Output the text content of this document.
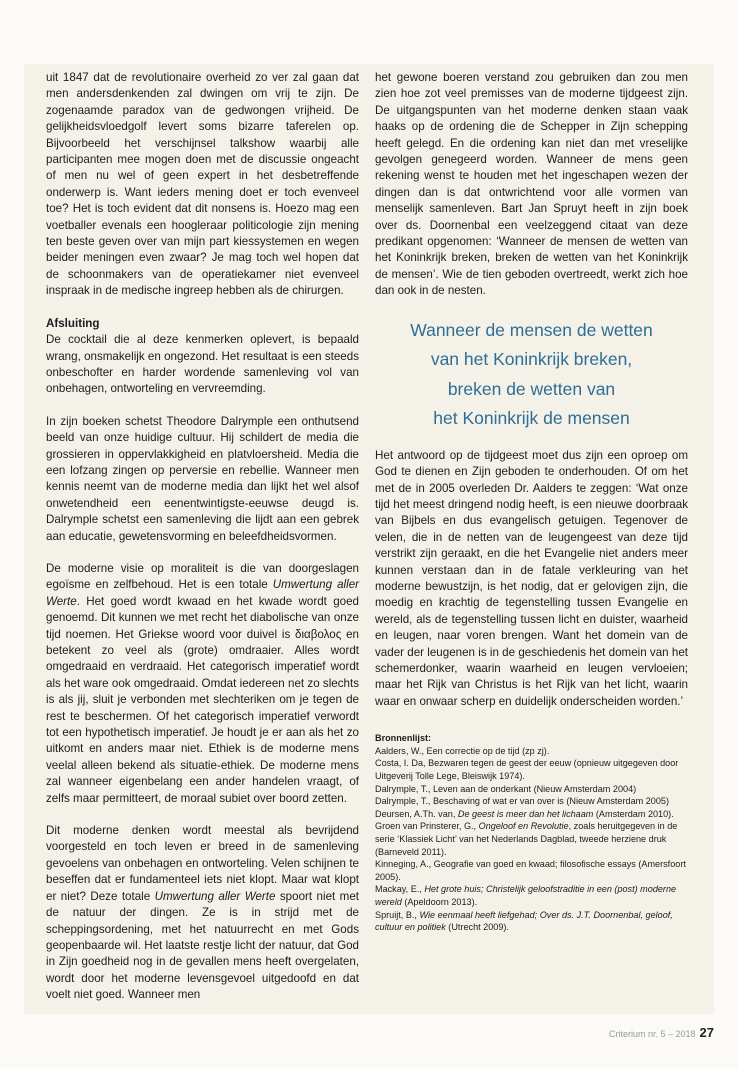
uit 1847 dat de revolutionaire overheid zo ver zal gaan dat men andersdenkenden zal dwingen om vrij te zijn. De zogenaamde paradox van de gedwongen vrijheid. De gelijkheidsvloedgolf levert soms bizarre taferelen op. Bijvoorbeeld het verschijnsel talkshow waarbij alle participanten mee mogen doen met de discussie ongeacht of men nu wel of geen expert in het desbetreffende onderwerp is. Want ieders mening doet er toch evenveel toe? Het is toch evident dat dit nonsens is. Hoezo mag een voetballer evenals een hoogleraar politicologie zijn mening ten beste geven over van mijn part kiessystemen en wegen beider meningen even zwaar? Je mag toch wel hopen dat de schoonmakers van de operatiekamer niet evenveel inspraak in de medische ingreep hebben als de chirurgen.

Afsluiting

De cocktail die al deze kenmerken oplevert, is bepaald wrang, onsmakelijk en ongezond. Het resultaat is een steeds onbeschofter en harder wordende samenleving vol van onbehagen, ontworteling en vervreemding.

In zijn boeken schetst Theodore Dalrymple een onthutsend beeld van onze huidige cultuur. Hij schildert de media die grossieren in oppervlakkigheid en platvloersheid. Media die een lofzang zingen op perversie en rebellie. Wanneer men kennis neemt van de moderne media dan lijkt het wel alsof onwetendheid een eenentwintigste-eeuwse deugd is. Dalrymple schetst een samenleving die lijdt aan een gebrek aan educatie, gewetensvorming en beleefdheidsvormen.

De moderne visie op moraliteit is die van doorgeslagen egoïsme en zelfbehoud. Het is een totale Umwertung aller Werte. Het goed wordt kwaad en het kwade wordt goed genoemd. Dit kunnen we met recht het diabolische van onze tijd noemen. Het Griekse woord voor duivel is διαβολος en betekent zo veel als (grote) omdraaier. Alles wordt omgedraaid en verdraaid. Het categorisch imperatief wordt als het ware ook omgedraaid. Omdat iedereen net zo slechts is als jij, sluit je verbonden met slechteriken om je tegen de rest te beschermen. Of het categorisch imperatief verwordt tot een hypothetisch imperatief. Je houdt je er aan als het zo uitkomt en anders maar niet. Ethiek is de moderne mens veelal alleen bekend als situatie-ethiek. De moderne mens zal wanneer eigenbelang een ander handelen vraagt, of zelfs maar permitteert, de moraal subiet over boord zetten.

Dit moderne denken wordt meestal als bevrijdend voorgesteld en toch leven er breed in de samenleving gevoelens van onbehagen en ontworteling. Velen schijnen te beseffen dat er fundamenteel iets niet klopt. Maar wat klopt er niet? Deze totale Umwertung aller Werte spoort niet met de natuur der dingen. Ze is in strijd met de scheppingsordening, met het natuurrecht en met Gods geopenbaarde wil. Het laatste restje licht der natuur, dat God in Zijn goedheid nog in de gevallen mens heeft overgelaten, wordt door het moderne levensgevoel uitgedoofd en dat voelt niet goed. Wanneer men

het gewone boeren verstand zou gebruiken dan zou men zien hoe zot veel premisses van de moderne tijdgeest zijn. De uitgangspunten van het moderne denken staan vaak haaks op de ordening die de Schepper in Zijn schepping heeft gelegd. En die ordening kan niet dan met vreselijke gevolgen genegeerd worden. Wanneer de mens geen rekening wenst te houden met het ingeschapen wezen der dingen dan is dat ontwrichtend voor alle vormen van menselijk samenleven. Bart Jan Spruyt heeft in zijn boek over ds. Doornenbal een veelzeggend citaat van deze predikant opgenomen: ‘Wanneer de mensen de wetten van het Koninkrijk breken, breken de wetten van het Koninkrijk de mensen’. Wie de tien geboden overtreedt, werkt zich hoe dan ook in de nesten.

Wanneer de mensen de wetten
van het Koninkrijk breken,
breken de wetten van
het Koninkrijk de mensen

Het antwoord op de tijdgeest moet dus zijn een oproep om God te dienen en Zijn geboden te onderhouden. Of om het met de in 2005 overleden Dr. Aalders te zeggen: ‘Wat onze tijd het meest dringend nodig heeft, is een nieuwe doorbraak van Bijbels en dus evangelisch getuigen. Tegenover de velen, die in de netten van de leugengeest van deze tijd verstrikt zijn geraakt, en die het Evangelie niet anders meer kunnen verstaan dan in de fatale verkleuring van het moderne bewustzijn, is het nodig, dat er gelovigen zijn, die moedig en krachtig de tegenstelling tussen Evangelie en wereld, als de tegenstelling tussen licht en duister, waarheid en leugen, naar voren brengen. Want het domein van de vader der leugenen is in de geschiedenis het domein van het schemerdonker, waarin waarheid en leugen vervloeien; maar het Rijk van Christus is het Rijk van het licht, waarin waar en onwaar scherp en duidelijk onderscheiden worden.’

Bronnenlijst:
Aalders, W., Een correctie op de tijd (zp zj).
Costa, I. Da, Bezwaren tegen de geest der eeuw (opnieuw uitgegeven door Uitgeverij Tolle Lege, Bleiswijk 1974).
Dalrymple, T., Leven aan de onderkant (Nieuw Amsterdam 2004)
Dalrymple, T., Beschaving of wat er van over is (Nieuw Amsterdam 2005)
Deursen, A.Th. van, De geest is meer dan het lichaam (Amsterdam 2010).
Groen van Prinsterer, G., Ongeloof en Revolutie, zoals heruitgegeven in de serie ‘Klassiek Licht’ van het Nederlands Dagblad, tweede herziene druk (Barneveld 2011).
Kinneging, A., Geografie van goed en kwaad; filosofische essays (Amersfoort 2005).
Mackay, E., Het grote huis; Christelijk geloofstraditie in een (post) moderne wereld (Apeldoorn 2013).
Spruijt, B., Wie eenmaal heeft liefgehad; Over ds. J.T. Doornenbal, geloof, cultuur en politiek (Utrecht 2009).
Criterium nr. 5 – 2018 27
